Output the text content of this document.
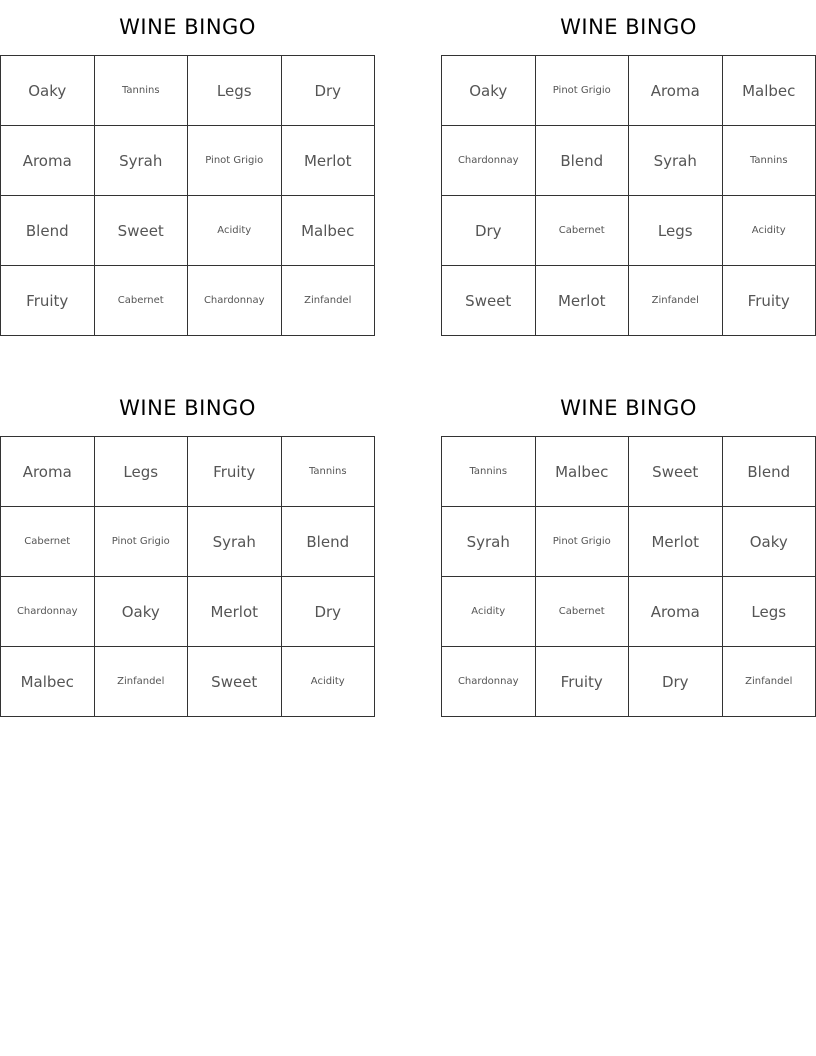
WINE BINGO
Oaky	Tannins	Legs	Dry
Aroma	Syrah	Pinot Grigio	Merlot
Blend	Sweet	Acidity	Malbec
Fruity	Cabernet	Chardonnay	Zinfandel
WINE BINGO
Oaky	Pinot Grigio	Aroma	Malbec
Chardonnay	Blend	Syrah	Tannins
Dry	Cabernet	Legs	Acidity
Sweet	Merlot	Zinfandel	Fruity
WINE BINGO
Aroma	Legs	Fruity	Tannins
Cabernet	Pinot Grigio	Syrah	Blend
Chardonnay	Oaky	Merlot	Dry
Malbec	Zinfandel	Sweet	Acidity
WINE BINGO
Tannins	Malbec	Sweet	Blend
Syrah	Pinot Grigio	Merlot	Oaky
Acidity	Cabernet	Aroma	Legs
Chardonnay	Fruity	Dry	Zinfandel
